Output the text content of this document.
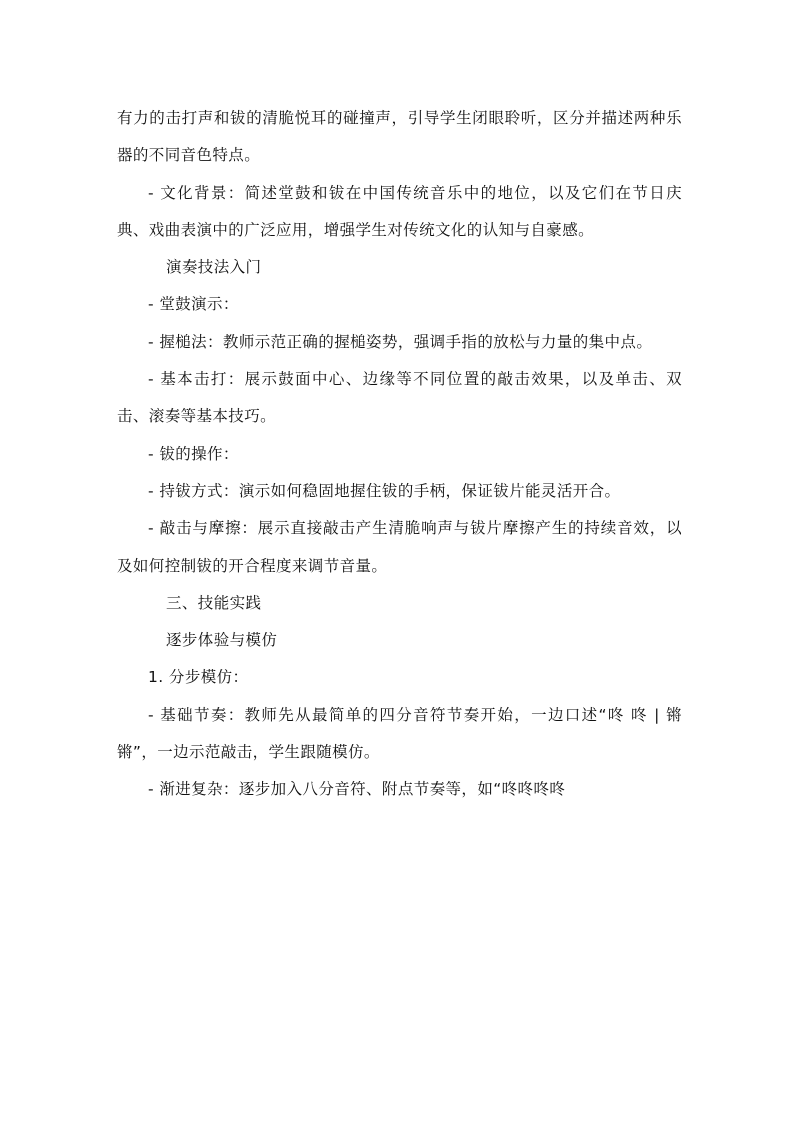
有力的击打声和钹的清脆悦耳的碰撞声，引导学生闭眼聆听，区分并描述两种乐器的不同音色特点。

- 文化背景：简述堂鼓和钹在中国传统音乐中的地位，以及它们在节日庆典、戏曲表演中的广泛应用，增强学生对传统文化的认知与自豪感。

演奏技法入门

- 堂鼓演示：

- 握槌法：教师示范正确的握槌姿势，强调手指的放松与力量的集中点。

- 基本击打：展示鼓面中心、边缘等不同位置的敲击效果，以及单击、双击、滚奏等基本技巧。

- 钹的操作：

- 持钹方式：演示如何稳固地握住钹的手柄，保证钹片能灵活开合。

- 敲击与摩擦：展示直接敲击产生清脆响声与钹片摩擦产生的持续音效，以及如何控制钹的开合程度来调节音量。

三、技能实践

逐步体验与模仿

1. 分步模仿：

- 基础节奏：教师先从最简单的四分音符节奏开始，一边口述“咚 咚 | 锵 锵”，一边示范敲击，学生跟随模仿。

- 渐进复杂：逐步加入八分音符、附点节奏等，如“咚咚咚咚
